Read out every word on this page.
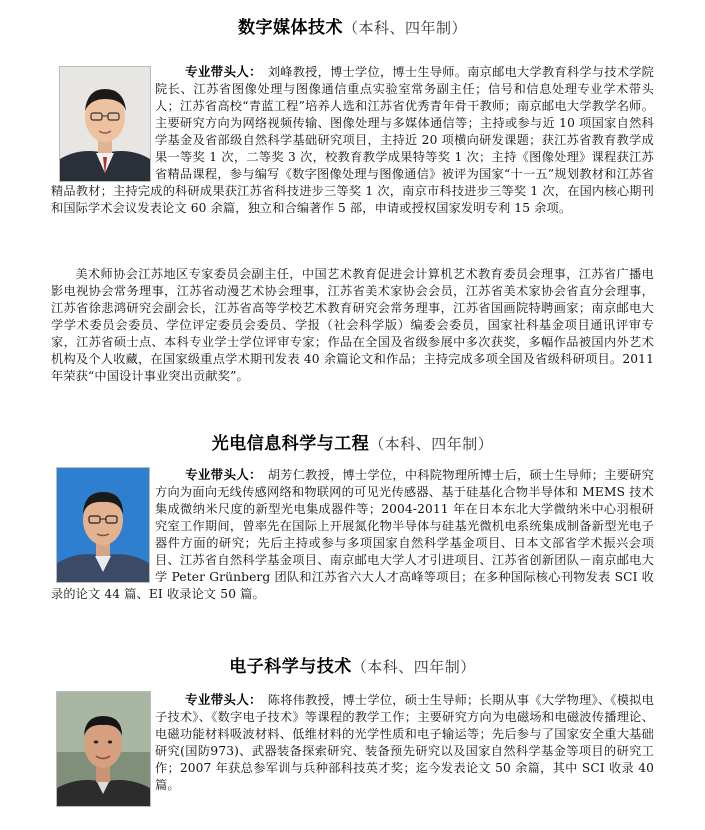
数字媒体技术（本科、四年制）
专业带头人： 刘峰教授，博士学位，博士生导师。南京邮电大学教育科学与技术学院院长、江苏省图像处理与图像通信重点实验室常务副主任；信号和信息处理专业学术带头人；江苏省高校“青蓝工程”培养人选和江苏省优秀青年骨干教师；南京邮电大学教学名师。主要研究方向为网络视频传输、图像处理与多媒体通信等；主持或参与近 10 项国家自然科学基金及省部级自然科学基础研究项目，主持近 20 项横向研发课题；获江苏省教育教学成果一等奖 1 次，二等奖 3 次，校教育教学成果特等奖 1 次；主持《图像处理》课程获江苏省精品课程，参与编写《数字图像处理与图像通信》被评为国家“十一五”规划教材和江苏省精品教材；主持完成的科研成果获江苏省科技进步三等奖 1 次，南京市科技进步三等奖 1 次，在国内核心期刊和国际学术会议发表论文 60 余篇，独立和合编著作 5 部，申请或授权国家发明专利 15 余项。
美术师协会江苏地区专家委员会副主任，中国艺术教育促进会计算机艺术教育委员会理事，江苏省广播电影电视协会常务理事，江苏省动漫艺术协会理事，江苏省美术家协会会员，江苏省美术家协会省直分会理事，江苏省徐悲鸿研究会副会长，江苏省高等学校艺术教育研究会常务理事，江苏省国画院特聘画家；南京邮电大学学术委员会委员、学位评定委员会委员、学报（社会科学版）编委会委员，国家社科基金项目通讯评审专家，江苏省硕士点、本科专业学士学位评审专家；作品在全国及省级参展中多次获奖，多幅作品被国内外艺术机构及个人收藏，在国家级重点学术期刊发表 40 余篇论文和作品；主持完成多项全国及省级科研项目。2011 年荣获“中国设计事业突出贡献奖”。
光电信息科学与工程（本科、四年制）
专业带头人： 胡芳仁教授，博士学位，中科院物理所博士后，硕士生导师；主要研究方向为面向无线传感网络和物联网的可见光传感器、基于硅基化合物半导体和 MEMS 技术集成微纳米尺度的新型光电集成器件等；2004-2011 年在日本东北大学微纳米中心羽根研究室工作期间，曾率先在国际上开展氮化物半导体与硅基光微机电系统集成制备新型光电子器件方面的研究；先后主持或参与多项国家自然科学基金项目、日本文部省学术振兴会项目、江苏省自然科学基金项目、南京邮电大学人才引进项目、江苏省创新团队－南京邮电大学 Peter Grünberg 团队和江苏省六大人才高峰等项目；在多种国际核心刊物发表 SCI 收录的论文 44 篇、EI 收录论文 50 篇。
电子科学与技术（本科、四年制）
专业带头人： 陈将伟教授，博士学位，硕士生导师；长期从事《大学物理》、《模拟电子技术》、《数字电子技术》等课程的教学工作；主要研究方向为电磁场和电磁波传播理论、电磁功能材料吸波材料、低维材料的光学性质和电子输运等；先后参与了国家安全重大基础研究(国防973)、武器装备探索研究、装备预先研究以及国家自然科学基金等项目的研究工作；2007 年获总参军训与兵种部科技英才奖；迄今发表论文 50 余篇，其中 SCI 收录 40 篇。
